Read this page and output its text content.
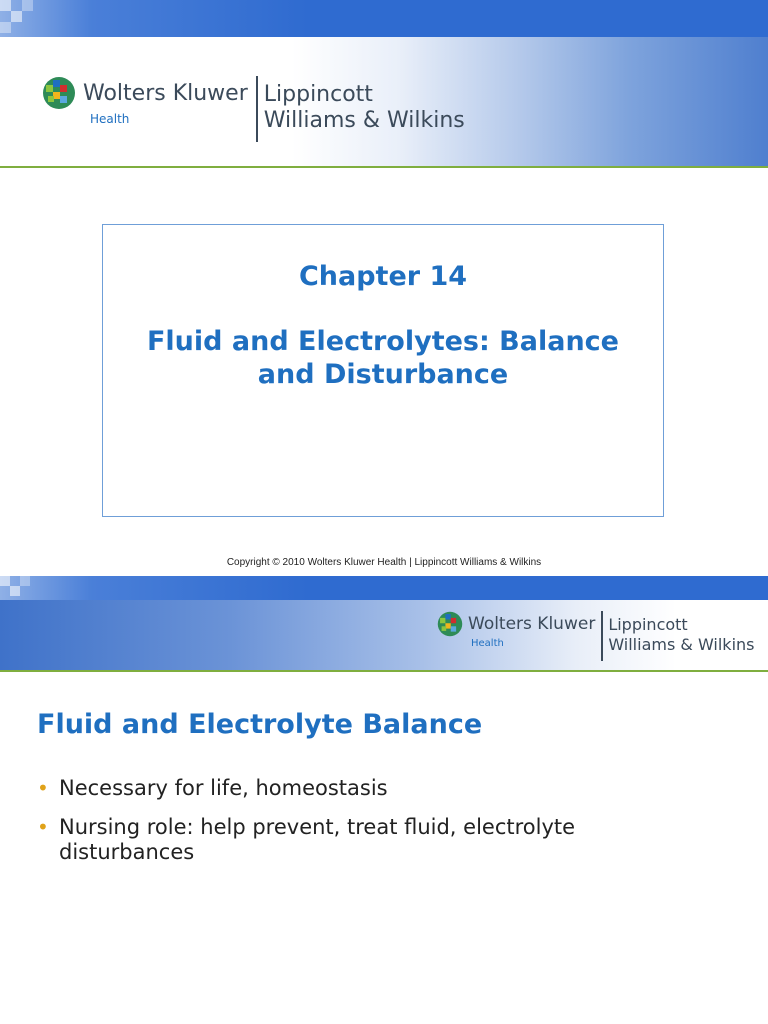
Wolters Kluwer
Health
Lippincott
Williams & Wilkins
Chapter 14
Fluid and Electrolytes: Balance
and Disturbance
Copyright © 2010 Wolters Kluwer Health | Lippincott Williams & Wilkins
Wolters Kluwer
Health
Lippincott
Williams & Wilkins
Fluid and Electrolyte Balance
• Necessary for life, homeostasis
• Nursing role: help prevent, treat fluid, electrolyte
disturbances
